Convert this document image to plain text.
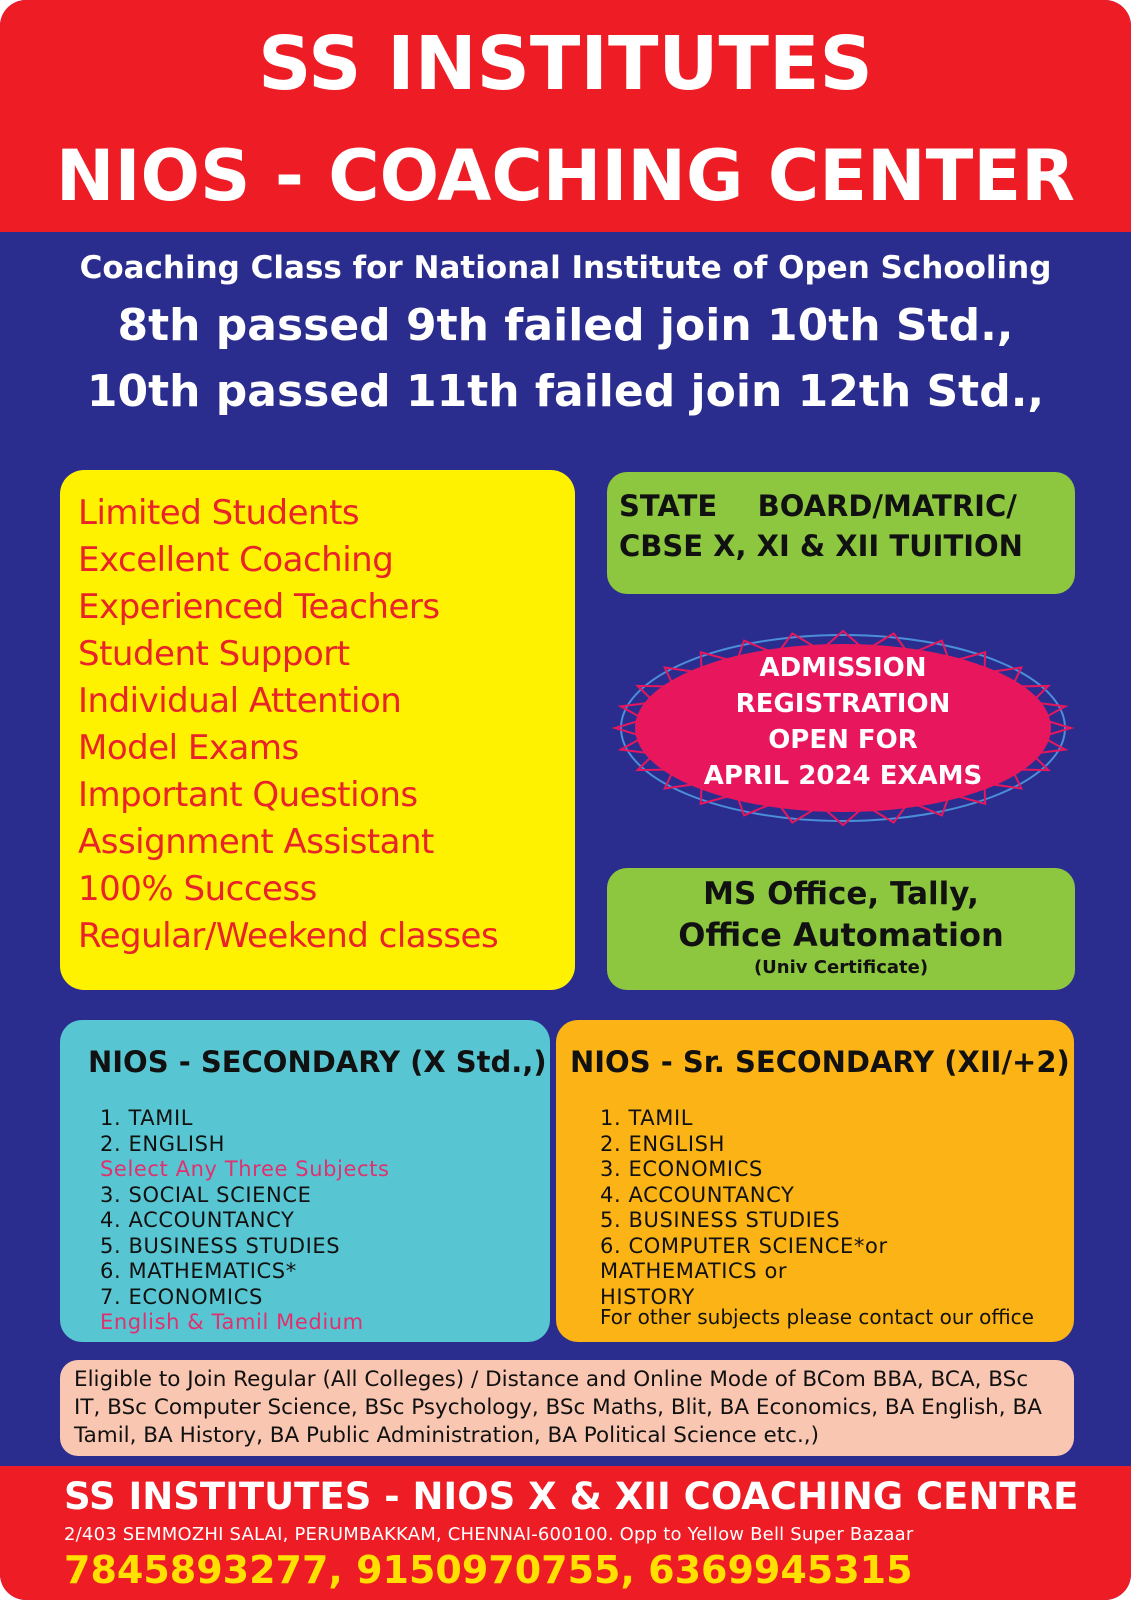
SS INSTITUTES
NIOS - COACHING CENTER
Coaching Class for National Institute of Open Schooling
8th passed 9th failed join 10th Std.,
10th passed 11th failed join 12th Std.,
Limited Students
Excellent Coaching
Experienced Teachers
Student Support
Individual Attention
Model Exams
Important Questions
Assignment Assistant
100% Success
Regular/Weekend classes
STATE    BOARD/MATRIC/
CBSE X, XI & XII TUITION
ADMISSION
REGISTRATION
OPEN FOR
APRIL 2024 EXAMS
MS Office, Tally,
Office Automation
(Univ Certificate)
NIOS - SECONDARY (X Std.,)
1. TAMIL
2. ENGLISH
Select Any Three Subjects
3. SOCIAL SCIENCE
4. ACCOUNTANCY
5. BUSINESS STUDIES
6. MATHEMATICS*
7. ECONOMICS
English & Tamil Medium
NIOS - Sr. SECONDARY (XII/+2)
1. TAMIL
2. ENGLISH
3. ECONOMICS
4. ACCOUNTANCY
5. BUSINESS STUDIES
6. COMPUTER SCIENCE*or
MATHEMATICS or
HISTORY
For other subjects please contact our office

Eligible to Join Regular (All Colleges) / Distance and Online Mode of BCom BBA, BCA, BSc IT, BSc Computer Science, BSc Psychology, BSc Maths, Blit, BA Economics, BA English, BA Tamil, BA History, BA Public Administration, BA Political Science etc.,)

SS INSTITUTES - NIOS X & XII COACHING CENTRE
2/403 SEMMOZHI SALAI, PERUMBAKKAM, CHENNAI-600100. Opp to Yellow Bell Super Bazaar
7845893277, 9150970755, 6369945315
